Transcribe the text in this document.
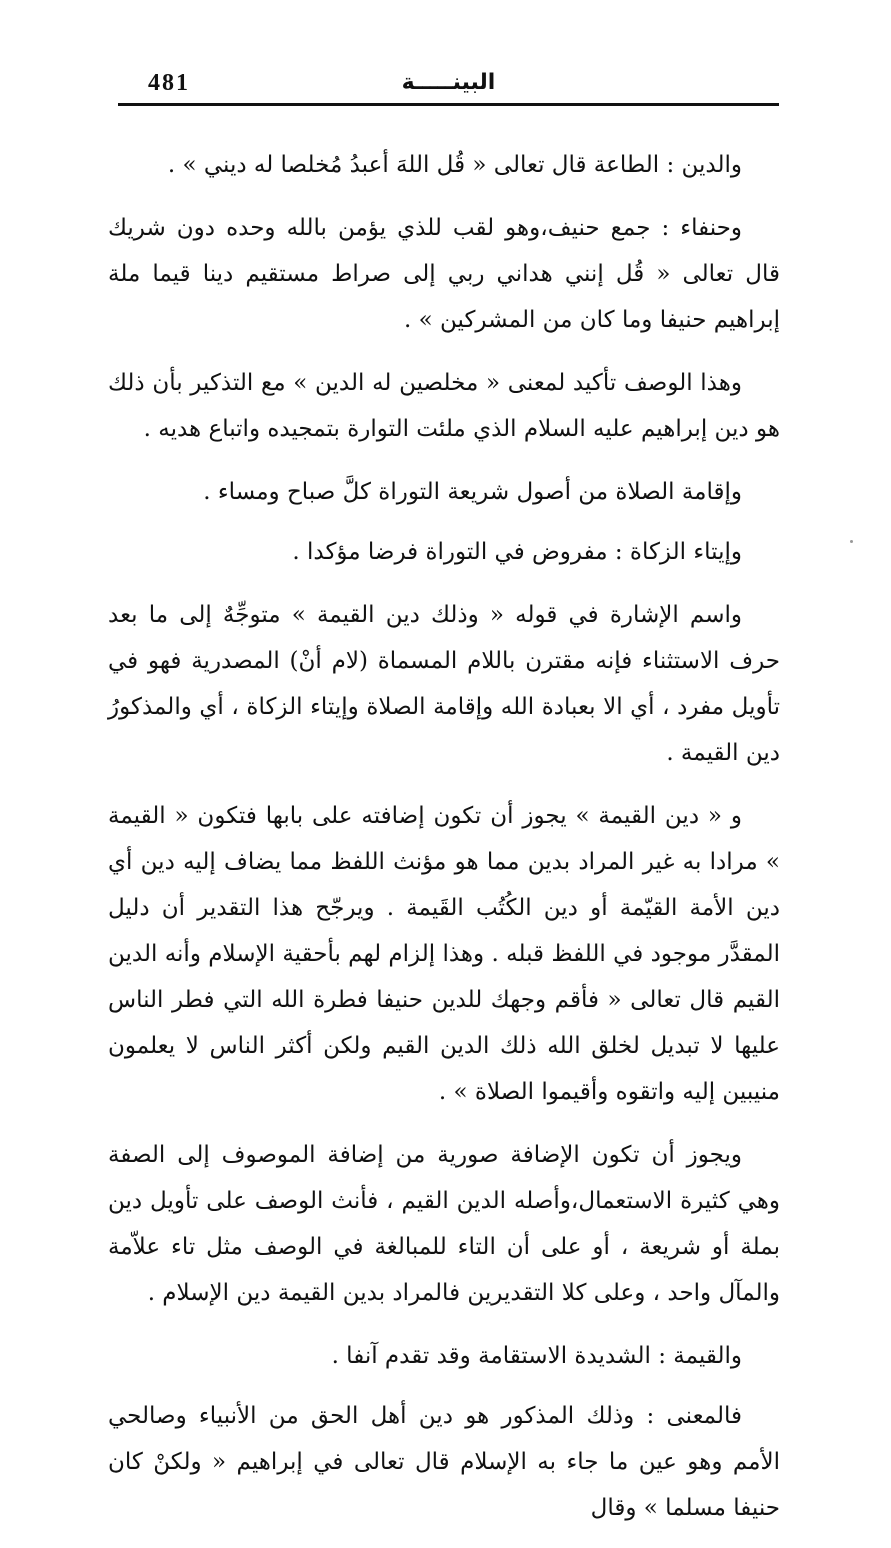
481	البينـــــة

والدين : الطاعة قال تعالى « قُل اللهَ أعبدُ مُخلصا له ديني » .

وحنفاء : جمع حنيف،وهو لقب للذي يؤمن بالله وحده دون شريك قال تعالى « قُل إنني هداني ربي إلى صراط مستقيم دينا قيما ملة إبراهيم حنيفا وما كان من المشركين » .

وهذا الوصف تأكيد لمعنى « مخلصين له الدين » مع التذكير بأن ذلك هو دين إبراهيم عليه السلام الذي ملئت التوارة بتمجيده واتباع هديه .

وإقامة الصلاة من أصول شريعة التوراة كلَّ صباح ومساء .

وإيتاء الزكاة : مفروض في التوراة فرضا مؤكدا .

واسم الإشارة في قوله « وذلك دين القيمة » متوجِّهٌ إلى ما بعد حرف الاستثناء فإنه مقترن باللام المسماة (لام أنْ) المصدرية فهو في تأويل مفرد ، أي الا بعبادة الله وإقامة الصلاة وإيتاء الزكاة ، أي والمذكورُ دين القيمة .

و « دين القيمة » يجوز أن تكون إضافته على بابها فتكون « القيمة » مرادا به غير المراد بدين مما هو مؤنث اللفظ مما يضاف إليه دين أي دين الأمة القيّمة أو دين الكُتُب القَيمة . ويرجّح هذا التقدير أن دليل المقدَّر موجود في اللفظ قبله . وهذا إلزام لهم بأحقية الإسلام وأنه الدين القيم قال تعالى « فأقم وجهك للدين حنيفا فطرة الله التي فطر الناس عليها لا تبديل لخلق الله ذلك الدين القيم ولكن أكثر الناس لا يعلمون منيبين إليه واتقوه وأقيموا الصلاة » .

ويجوز أن تكون الإضافة صورية من إضافة الموصوف إلى الصفة وهي كثيرة الاستعمال،وأصله الدين القيم ، فأنث الوصف على تأويل دين بملة أو شريعة ، أو على أن التاء للمبالغة في الوصف مثل تاء علاّمة والمآل واحد ، وعلى كلا التقديرين فالمراد بدين القيمة دين الإسلام .

والقيمة : الشديدة الاستقامة وقد تقدم آنفا .

فالمعنى : وذلك المذكور هو دين أهل الحق من الأنبياء وصالحي الأمم وهو عين ما جاء به الإسلام قال تعالى في إبراهيم « ولكنْ كان حنيفا مسلما » وقال
